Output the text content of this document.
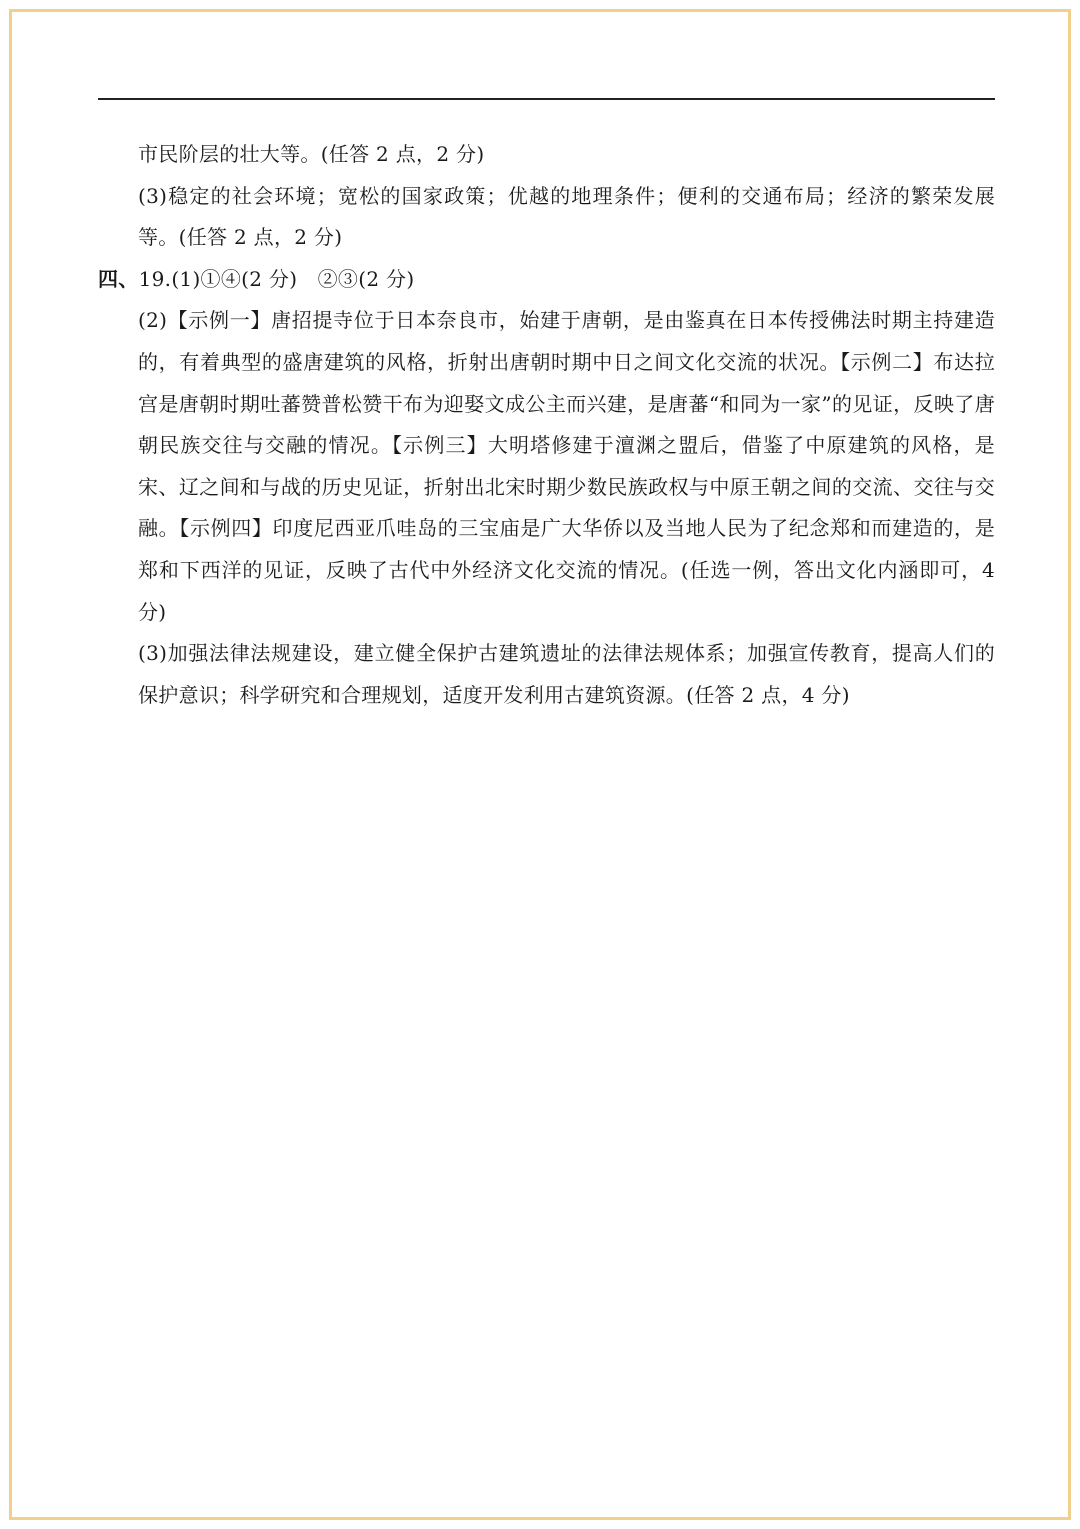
市民阶层的壮大等。(任答 2 点，2 分)

(3)稳定的社会环境；宽松的国家政策；优越的地理条件；便利的交通布局；经济的繁荣发展等。(任答 2 点，2 分)

四、19.(1)①④(2 分)　②③(2 分)

(2)【示例一】唐招提寺位于日本奈良市，始建于唐朝，是由鉴真在日本传授佛法时期主持建造的，有着典型的盛唐建筑的风格，折射出唐朝时期中日之间文化交流的状况。【示例二】布达拉宫是唐朝时期吐蕃赞普松赞干布为迎娶文成公主而兴建，是唐蕃“和同为一家”的见证，反映了唐朝民族交往与交融的情况。【示例三】大明塔修建于澶渊之盟后，借鉴了中原建筑的风格，是宋、辽之间和与战的历史见证，折射出北宋时期少数民族政权与中原王朝之间的交流、交往与交融。【示例四】印度尼西亚爪哇岛的三宝庙是广大华侨以及当地人民为了纪念郑和而建造的，是郑和下西洋的见证，反映了古代中外经济文化交流的情况。(任选一例，答出文化内涵即可，4 分)

(3)加强法律法规建设，建立健全保护古建筑遗址的法律法规体系；加强宣传教育，提高人们的保护意识；科学研究和合理规划，适度开发利用古建筑资源。(任答 2 点，4 分)
